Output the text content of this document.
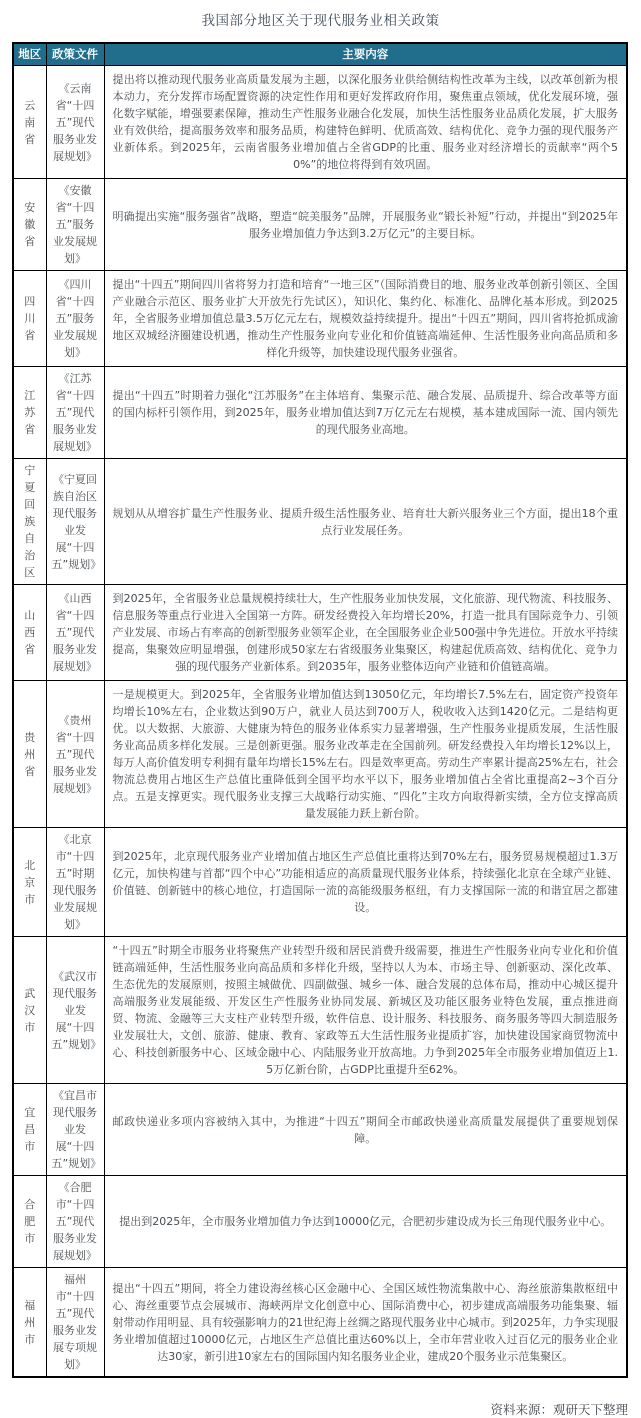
我国部分地区关于现代服务业相关政策
地区	政策文件	主要内容
云南省	《云南省“十四五”现代服务业发展规划》	提出将以推动现代服务业高质量发展为主题，以深化服务业供给侧结构性改革为主线，以改革创新为根本动力，充分发挥市场配置资源的决定性作用和更好发挥政府作用，聚焦重点领域，优化发展环境，强化数字赋能，增强要素保障，推动生产性服务业融合化发展，加快生活性服务业品质化发展，扩大服务业有效供给，提高服务效率和服务品质，构建特色鲜明、优质高效、结构优化、竞争力强的现代服务产业新体系。到2025年，云南省服务业增加值占全省GDP的比重、服务业对经济增长的贡献率“两个50%”的地位将得到有效巩固。
安徽省	《安徽省“十四五”服务业发展规划》	明确提出实施“服务强省”战略，塑造“皖美服务”品牌，开展服务业“锻长补短”行动，并提出“到2025年服务业增加值力争达到3.2万亿元”的主要目标。
四川省	《四川省“十四五”服务业发展规划》	提出“十四五”期间四川省将努力打造和培育“一地三区”（国际消费目的地、服务业改革创新引领区、全国产业融合示范区、服务业扩大开放先行先试区），知识化、集约化、标准化、品牌化基本形成。到2025年，全省服务业增加值总量3.5万亿元左右，规模效益持续提升。提出“十四五”期间，四川省将抢抓成渝地区双城经济圈建设机遇，推动生产性服务业向专业化和价值链高端延伸、生活性服务业向高品质和多样化升级等，加快建设现代服务业强省。
江苏省	《江苏省“十四五”现代服务业发展规划》	提出“十四五”时期着力强化“江苏服务”在主体培育、集聚示范、融合发展、品质提升、综合改革等方面的国内标杆引领作用，到2025年，服务业增加值达到7万亿元左右规模，基本建成国际一流、国内领先的现代服务业高地。
宁夏回族自治区	《宁夏回族自治区现代服务业发展“十四五”规划》	规划从从增容扩量生产性服务业、提质升级生活性服务业、培育壮大新兴服务业三个方面，提出18个重点行业发展任务。
山西省	《山西省“十四五”现代服务业发展规划》	到2025年，全省服务业总量规模持续壮大，生产性服务业加快发展，文化旅游、现代物流、科技服务、信息服务等重点行业进入全国第一方阵。研发经费投入年均增长20%，打造一批具有国际竞争力、引领产业发展、市场占有率高的创新型服务业领军企业，在全国服务业企业500强中争先进位。开放水平持续提高，集聚效应明显增强，创建形成50家左右省级服务业集聚区，构建起优质高效、结构优化、竞争力强的现代服务产业新体系。到2035年，服务业整体迈向产业链和价值链高端。
贵州省	《贵州省“十四五”现代服务业发展规划》	一是规模更大。到2025年，全省服务业增加值达到13050亿元，年均增长7.5%左右，固定资产投资年均增长10%左右，企业数达到90万户，就业人员达到700万人，税收收入达到1420亿元。二是结构更优。以大数据、大旅游、大健康为特色的服务业体系实力显著增强，生产性服务业提质发展，生活性服务业高品质多样化发展。三是创新更强。服务业改革走在全国前列。研发经费投入年均增长12%以上，每万人高价值发明专利拥有量年均增长15%左右。四是效率更高。劳动生产率累计提高25%左右，社会物流总费用占地区生产总值比重降低到全国平均水平以下，服务业增加值占全省比重提高2~3个百分点。五是支撑更实。现代服务业支撑三大战略行动实施、“四化”主攻方向取得新实绩，全方位支撑高质量发展能力跃上新台阶。
北京市	《北京市“十四五”时期现代服务业发展规划》	到2025年，北京现代服务业产业增加值占地区生产总值比重将达到70%左右，服务贸易规模超过1.3万亿元，加快构建与首都“四个中心”功能相适应的高质量现代服务业体系，持续强化北京在全球产业链、价值链、创新链中的核心地位，打造国际一流的高能级服务枢纽，有力支撑国际一流的和谐宜居之都建设。
武汉市	《武汉市现代服务业发展“十四五”规划》	“十四五”时期全市服务业将聚焦产业转型升级和居民消费升级需要，推进生产性服务业向专业化和价值链高端延伸，生活性服务业向高品质和多样化升级，坚持以人为本、市场主导、创新驱动、深化改革、生态优先的发展原则，按照主城做优、四副做强、城乡一体、融合发展的总体布局，推动中心城区提升高端服务业发展能级、开发区生产性服务业协同发展、新城区及功能区服务业特色发展，重点推进商贸、物流、金融等三大支柱产业转型升级，软件信息、设计服务、科技服务、商务服务等四大制造服务业发展壮大，文创、旅游、健康、教育、家政等五大生活性服务业提质扩容，加快建设国家商贸物流中心、科技创新服务中心、区域金融中心、内陆服务业开放高地。力争到2025年全市服务业增加值迈上1.5万亿新台阶，占GDP比重提升至62%。
宜昌市	《宜昌市现代服务业发展“十四五”规划》	邮政快递业多项内容被纳入其中，为推进“十四五”期间全市邮政快递业高质量发展提供了重要规划保障。
合肥市	《合肥市“十四五”现代服务业发展规划》	提出到2025年，全市服务业增加值力争达到10000亿元，合肥初步建设成为长三角现代服务业中心。
福州市	福州市“十四五”现代服务业发展专项规划》	提出“十四五”期间，将全力建设海丝核心区金融中心、全国区域性物流集散中心、海丝旅游集散枢纽中心、海丝重要节点会展城市、海峡两岸文化创意中心、国际消费中心，初步建成高端服务功能集聚、辐射带动作用明显、具有较强影响力的21世纪海上丝绸之路现代服务业中心城市。到2025年，力争实现服务业增加值超过10000亿元，占地区生产总值比重达60%以上，全市年营业收入过百亿元的服务业企业达30家，新引进10家左右的国际国内知名服务业企业，建成20个服务业示范集聚区。
资料来源：观研天下整理
